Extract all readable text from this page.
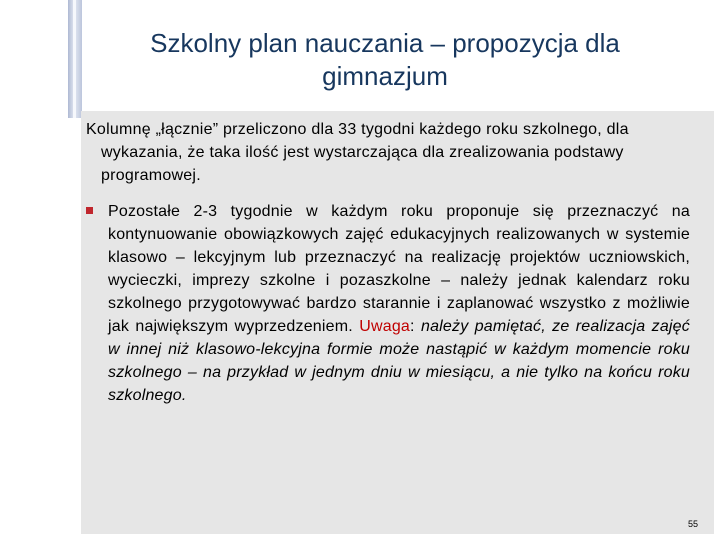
Szkolny plan nauczania – propozycja dla
gimnazjum

Kolumnę „łącznie” przeliczono dla 33 tygodni każdego roku szkolnego, dla wykazania, że taka ilość jest wystarczająca dla zrealizowania podstawy programowej.

Pozostałe 2-3 tygodnie w każdym roku proponuje się przeznaczyć na kontynuowanie obowiązkowych zajęć edukacyjnych realizowanych w systemie klasowo – lekcyjnym lub przeznaczyć na realizację projektów uczniowskich, wycieczki, imprezy szkolne i pozaszkolne – należy jednak kalendarz roku szkolnego przygotowywać bardzo starannie i zaplanować wszystko z możliwie jak największym wyprzedzeniem. Uwaga: należy pamiętać, ze realizacja zajęć w innej niż klasowo-lekcyjna formie może nastąpić w każdym momencie roku szkolnego – na przykład w jednym dniu w miesiącu, a nie tylko na końcu roku szkolnego.
55
